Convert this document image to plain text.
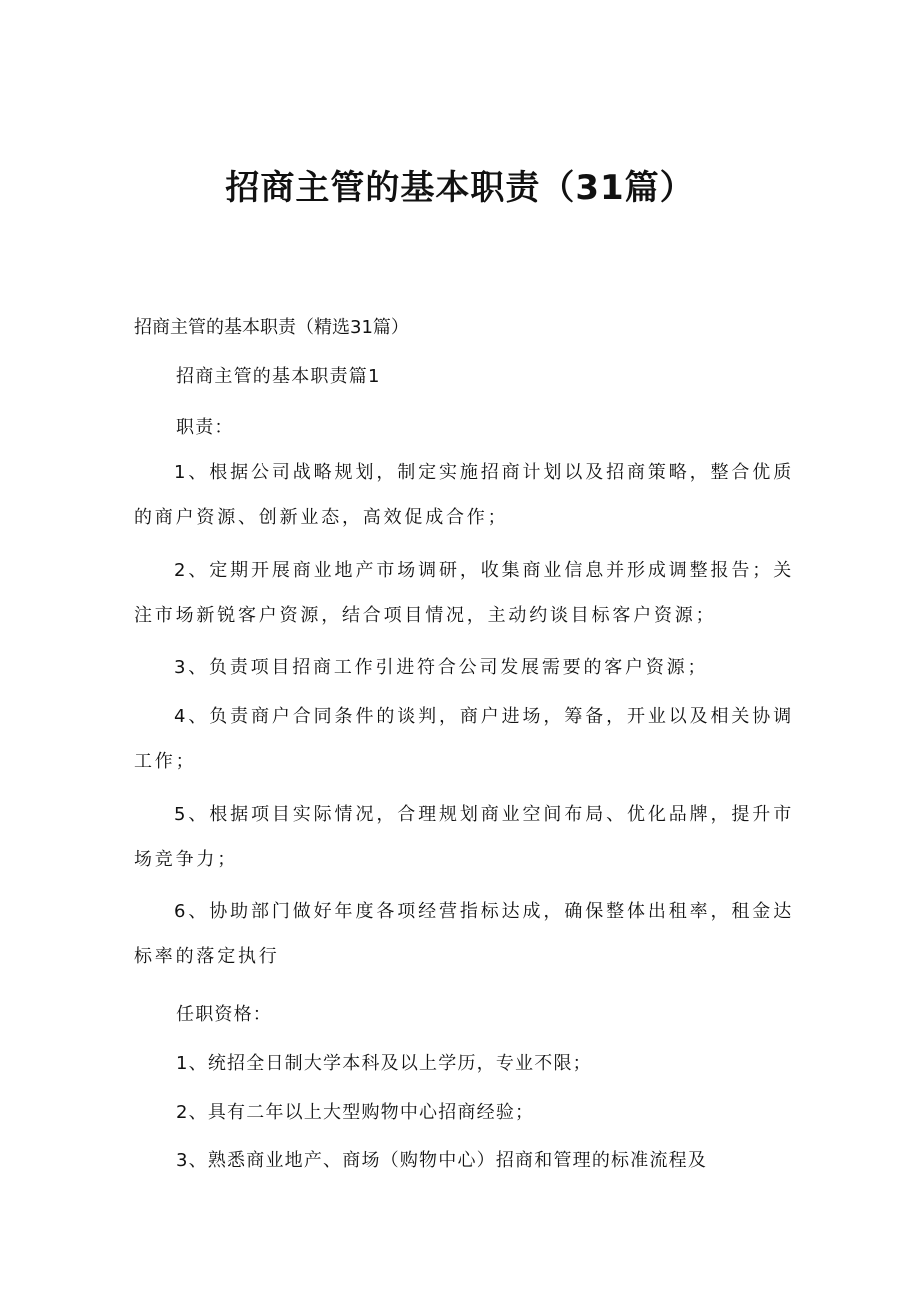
招商主管的基本职责（31篇）
招商主管的基本职责（精选31篇）
招商主管的基本职责篇1
职责：
1、根据公司战略规划，制定实施招商计划以及招商策略，整合优质的商户资源、创新业态，高效促成合作；
2、定期开展商业地产市场调研，收集商业信息并形成调整报告；关注市场新锐客户资源，结合项目情况，主动约谈目标客户资源；
3、负责项目招商工作引进符合公司发展需要的客户资源；
4、负责商户合同条件的谈判，商户进场，筹备，开业以及相关协调工作；
5、根据项目实际情况，合理规划商业空间布局、优化品牌，提升市场竞争力；
6、协助部门做好年度各项经营指标达成，确保整体出租率，租金达标率的落定执行
任职资格：
1、统招全日制大学本科及以上学历，专业不限；
2、具有二年以上大型购物中心招商经验；
3、熟悉商业地产、商场（购物中心）招商和管理的标准流程及
